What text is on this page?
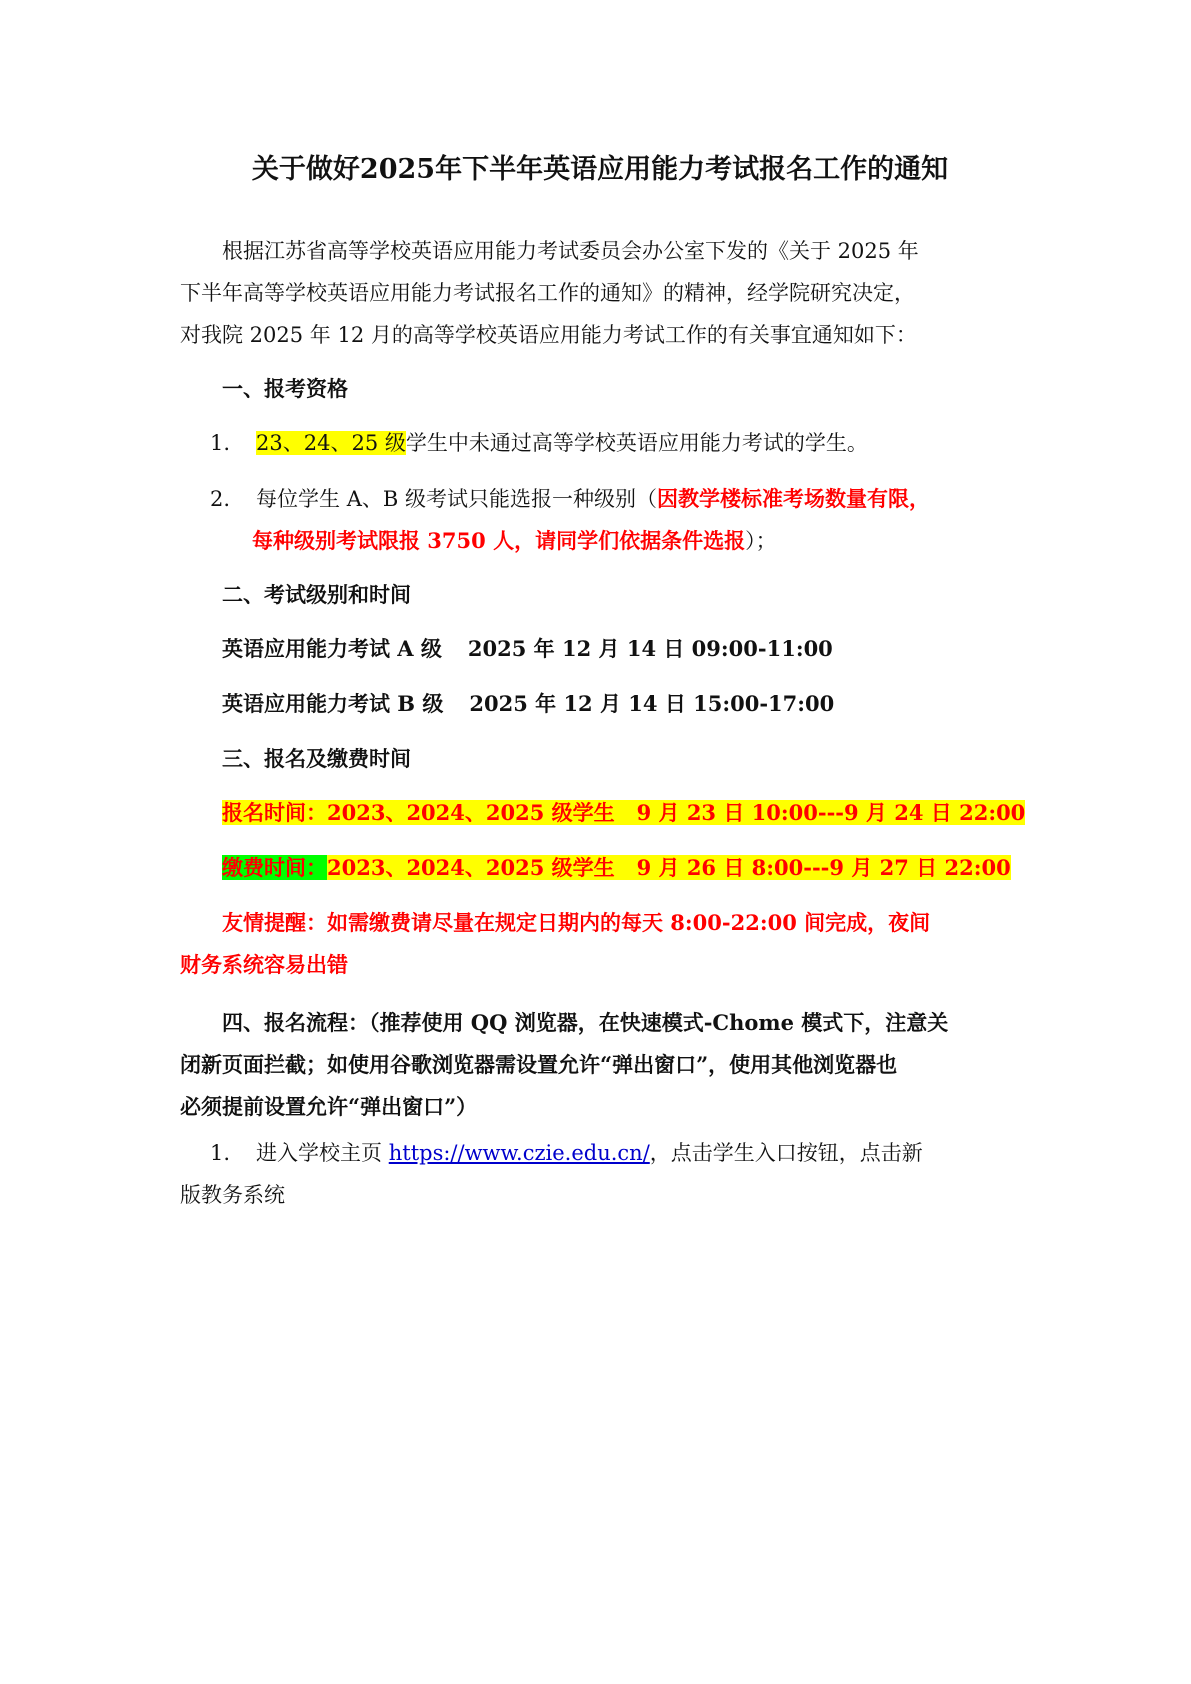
关于做好2025年下半年英语应用能力考试报名工作的通知

根据江苏省高等学校英语应用能力考试委员会办公室下发的《关于 2025 年

下半年高等学校英语应用能力考试报名工作的通知》的精神，经学院研究决定，

对我院 2025 年 12 月的高等学校英语应用能力考试工作的有关事宜通知如下：

一、报考资格

1. 23、24、25 级学生中未通过高等学校英语应用能力考试的学生。

2. 每位学生 A、B 级考试只能选报一种级别（因教学楼标准考场数量有限，

每种级别考试限报 3750 人，请同学们依据条件选报）；

二、考试级别和时间

英语应用能力考试 A 级 2025 年 12 月 14 日 09:00-11:00

英语应用能力考试 B 级 2025 年 12 月 14 日 15:00-17:00

三、报名及缴费时间

报名时间：2023、2024、2025 级学生   9 月 23 日 10:00---9 月 24 日 22:00

缴费时间：2023、2024、2025 级学生   9 月 26 日 8:00---9 月 27 日 22:00

友情提醒：如需缴费请尽量在规定日期内的每天 8:00-22:00 间完成，夜间

财务系统容易出错

四、报名流程：（推荐使用 QQ 浏览器，在快速模式-Chome 模式下，注意关

闭新页面拦截；如使用谷歌浏览器需设置允许“弹出窗口”，使用其他浏览器也

必须提前设置允许“弹出窗口”）

1. 进入学校主页 https://www.czie.edu.cn/，点击学生入口按钮，点击新

版教务系统
